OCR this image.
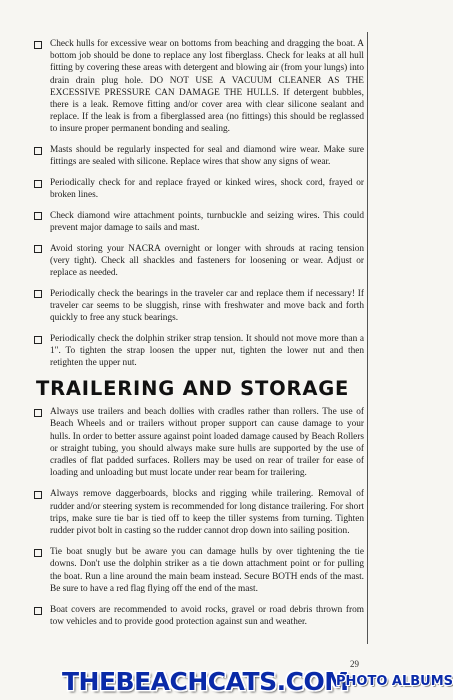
Check hulls for excessive wear on bottoms from beaching and dragging the boat. A bottom job should be done to replace any lost fiberglass. Check for leaks at all hull fitting by covering these areas with detergent and blowing air (from your lungs) into drain drain plug hole. DO NOT USE A VACUUM CLEANER AS THE EXCESSIVE PRESSURE CAN DAMAGE THE HULLS. If detergent bubbles, there is a leak. Remove fitting and/or cover area with clear silicone sealant and replace. If the leak is from a fiberglassed area (no fittings) this should be reglassed to insure proper permanent bonding and sealing.
Masts should be regularly inspected for seal and diamond wire wear. Make sure fittings are sealed with silicone. Replace wires that show any signs of wear.
Periodically check for and replace frayed or kinked wires, shock cord, frayed or broken lines.
Check diamond wire attachment points, turnbuckle and seizing wires. This could prevent major damage to sails and mast.
Avoid storing your NACRA overnight or longer with shrouds at racing tension (very tight). Check all shackles and fasteners for loosening or wear. Adjust or replace as needed.
Periodically check the bearings in the traveler car and replace them if necessary! If traveler car seems to be sluggish, rinse with freshwater and move back and forth quickly to free any stuck bearings.
Periodically check the dolphin striker strap tension. It should not move more than a 1". To tighten the strap loosen the upper nut, tighten the lower nut and then retighten the upper nut.
TRAILERING AND STORAGE
Always use trailers and beach dollies with cradles rather than rollers. The use of Beach Wheels and or trailers without proper support can cause damage to your hulls. In order to better assure against point loaded damage caused by Beach Rollers or straight tubing, you should always make sure hulls are supported by the use of cradles of flat padded surfaces. Rollers may be used on rear of trailer for ease of loading and unloading but must locate under rear beam for trailering.
Always remove daggerboards, blocks and rigging while trailering. Removal of rudder and/or steering system is recommended for long distance trailering. For short trips, make sure tie bar is tied off to keep the tiller systems from turning. Tighten rudder pivot bolt in casting so the rudder cannot drop down into sailing position.
Tie boat snugly but be aware you can damage hulls by over tightening the tie downs. Don't use the dolphin striker as a tie down attachment point or for pulling the boat. Run a line around the main beam instead. Secure BOTH ends of the mast. Be sure to have a red flag flying off the end of the mast.
Boat covers are recommended to avoid rocks, gravel or road debris thrown from tow vehicles and to provide good protection against sun and weather.
29
THEBEACHCATS.COM
PHOTO ALBUMS
